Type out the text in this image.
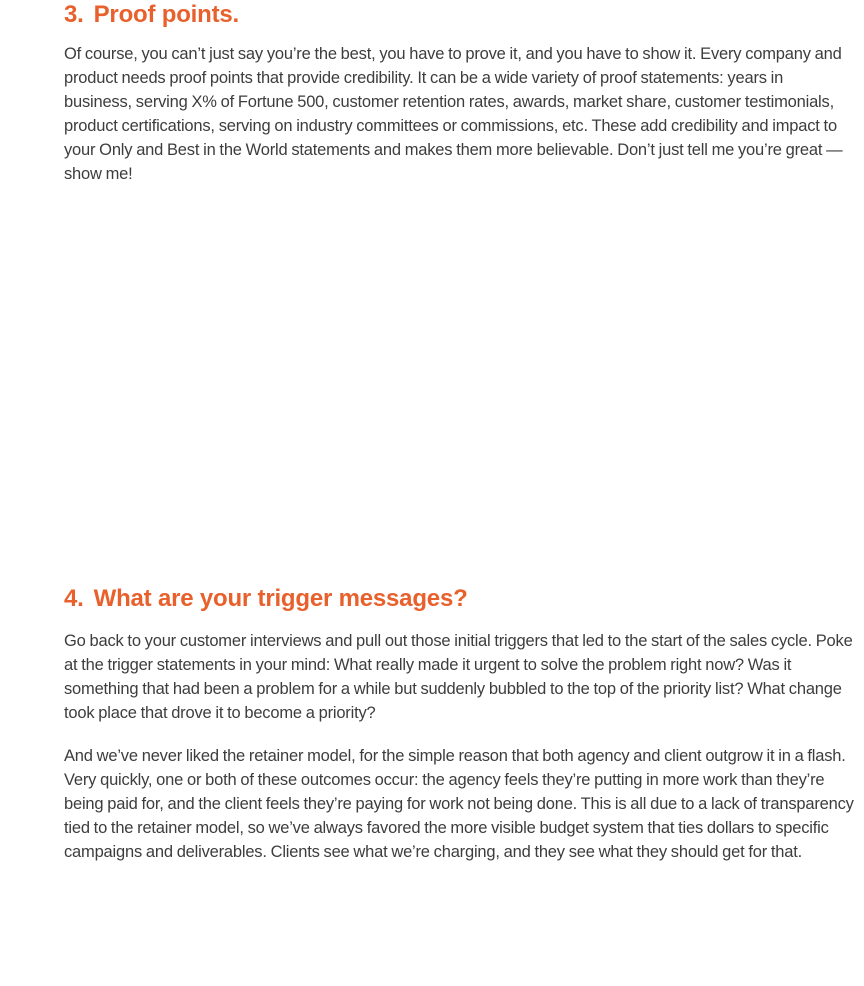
3. Proof points.

Of course, you can’t just say you’re the best, you have to prove it, and you have to show it. Every company and product needs proof points that provide credibility. It can be a wide variety of proof statements: years in business, serving X% of Fortune 500, customer retention rates, awards, market share, customer testimonials, product certifications, serving on industry committees or commissions, etc. These add credibility and impact to your Only and Best in the World statements and makes them more believable. Don’t just tell me you’re great — show me!

4. What are your trigger messages?

Go back to your customer interviews and pull out those initial triggers that led to the start of the sales cycle. Poke at the trigger statements in your mind: What really made it urgent to solve the problem right now? Was it something that had been a problem for a while but suddenly bubbled to the top of the priority list? What change took place that drove it to become a priority?

And we’ve never liked the retainer model, for the simple reason that both agency and client outgrow it in a flash. Very quickly, one or both of these outcomes occur: the agency feels they’re putting in more work than they’re being paid for, and the client feels they’re paying for work not being done. This is all due to a lack of transparency tied to the retainer model, so we’ve always favored the more visible budget system that ties dollars to specific campaigns and deliverables. Clients see what we’re charging, and they see what they should get for that.
